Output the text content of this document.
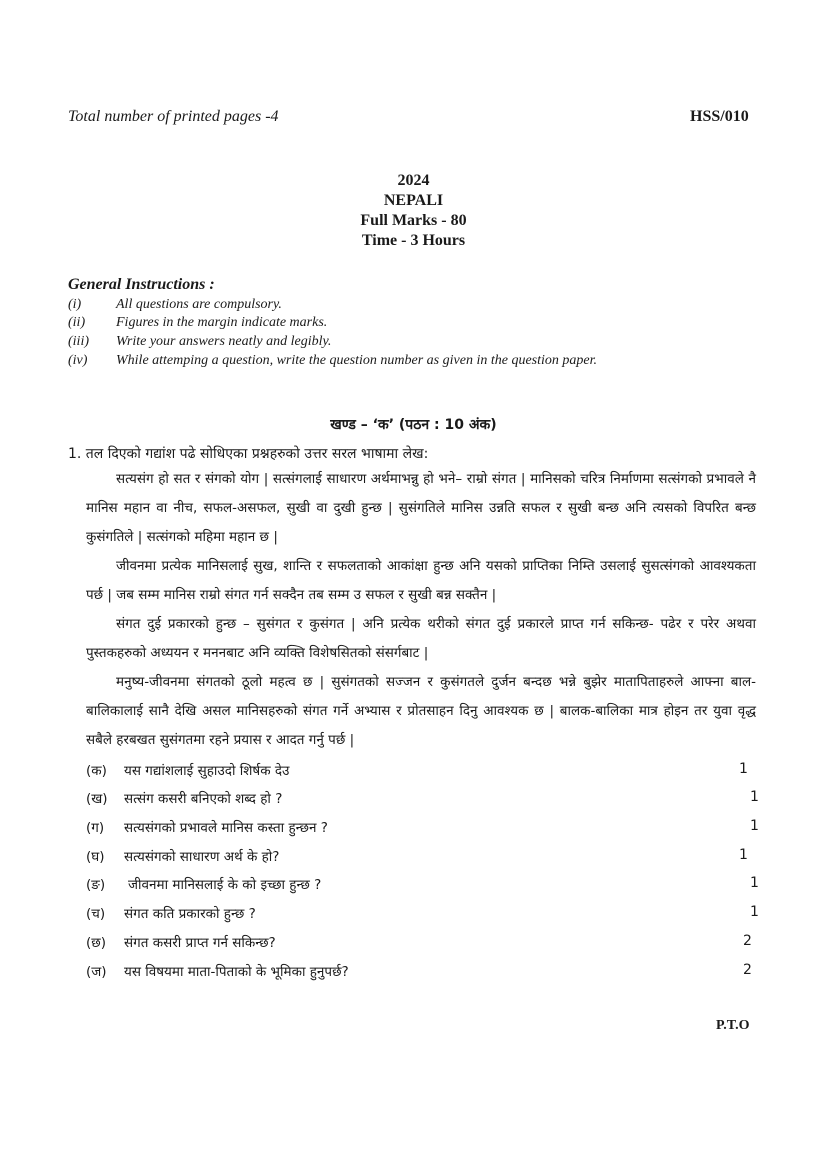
Total number of printed pages -4	HSS/010
2024
NEPALI
Full Marks - 80
Time - 3 Hours
General Instructions :
(i) All questions are compulsory.
(ii) Figures in the margin indicate marks.
(iii) Write your answers neatly and legibly.
(iv) While attemping a question, write the question number as given in the question paper.
खण्ड – ‘क’ (पठन : 10 अंक)
1. तल दिएको गद्यांश पढे सोधिएका प्रश्नहरुको उत्तर सरल भाषामा लेख:
सत्यसंग हो सत र संगको योग | सत्संगलाई साधारण अर्थमाभन्नु हो भने– राम्रो संगत | मानिसको चरित्र निर्माणमा सत्संगको प्रभावले नै मानिस महान वा नीच, सफल-असफल, सुखी वा दुखी हुन्छ | सुसंगतिले मानिस उन्नति सफल र सुखी बन्छ अनि त्यसको विपरित बन्छ कुसंगतिले | सत्संगको महिमा महान छ |
जीवनमा प्रत्येक मानिसलाई सुख, शान्ति र सफलताको आकांक्षा हुन्छ अनि यसको प्राप्तिका निम्ति उसलाई सुसत्संगको आवश्यकता पर्छ | जब सम्म मानिस राम्रो संगत गर्न सक्दैन तब सम्म उ सफल र सुखी बन्न सक्तैन |
संगत दुई प्रकारको हुन्छ – सुसंगत र कुसंगत | अनि प्रत्येक थरीको संगत दुई प्रकारले प्राप्त गर्न सकिन्छ- पढेर र परेर अथवा पुस्तकहरुको अध्ययन र मननबाट अनि व्यक्ति विशेषसितको संसर्गबाट |
मनुष्य-जीवनमा संगतको ठूलो महत्व छ | सुसंगतको सज्जन र कुसंगतले दुर्जन बन्दछ भन्ने बुझेर मातापिताहरुले आफ्ना बाल-बालिकालाई सानै देखि असल मानिसहरुको संगत गर्ने अभ्यास र प्रोतसाहन दिनु आवश्यक छ | बालक-बालिका मात्र होइन तर युवा वृद्ध सबैले हरबखत सुसंगतमा रहने प्रयास र आदत गर्नु पर्छ |
(क) यस गद्यांशलाई सुहाउदो शिर्षक देउ	1
(ख) सत्संग कसरी बनिएको शब्द हो ?	1
(ग) सत्यसंगको प्रभावले मानिस कस्ता हुन्छन ?	1
(घ) सत्यसंगको साधारण अर्थ के हो?	1
(ङ) जीवनमा मानिसलाई के को इच्छा हुन्छ ?	1
(च) संगत कति प्रकारको हुन्छ ?	1
(छ) संगत कसरी प्राप्त गर्न सकिन्छ?	2
(ज) यस विषयमा माता-पिताको के भूमिका हुनुपर्छ?	2
P.T.O
